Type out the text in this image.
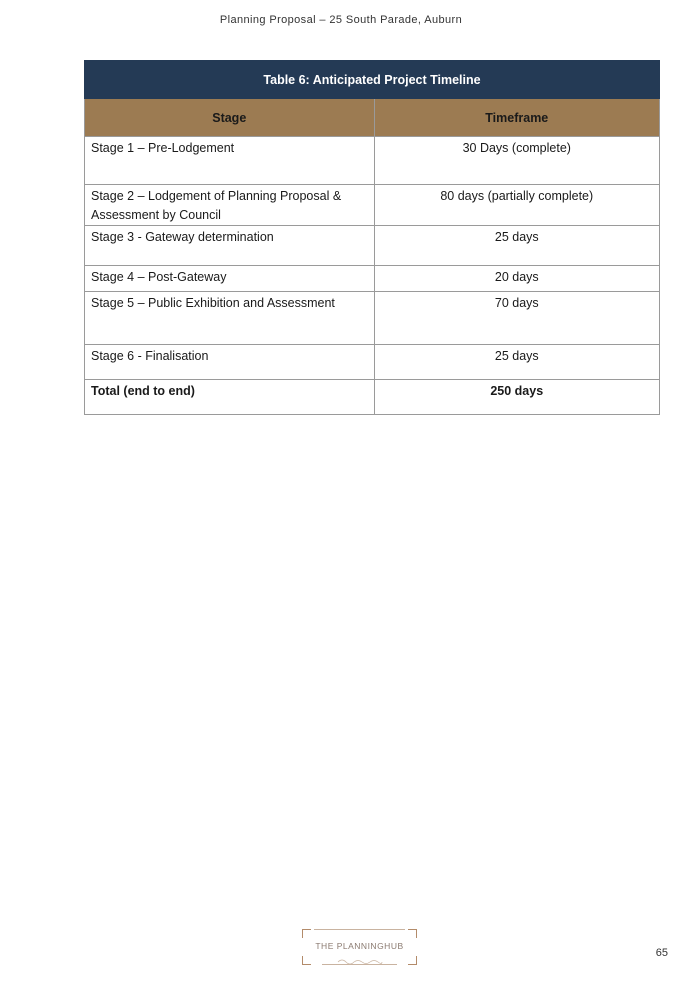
Planning Proposal – 25 South Parade, Auburn
Table 6: Anticipated Project Timeline	
Stage	Timeframe
Stage 1 – Pre-Lodgement	30 Days (complete)
Stage 2 – Lodgement of Planning Proposal & Assessment by Council	80 days (partially complete)
Stage 3 - Gateway determination	25 days
Stage 4 – Post-Gateway	20 days
Stage 5 – Public Exhibition and Assessment	70 days
Stage 6 - Finalisation	25 days
Total (end to end)	250 days
THE PLANNINGHUB
65
